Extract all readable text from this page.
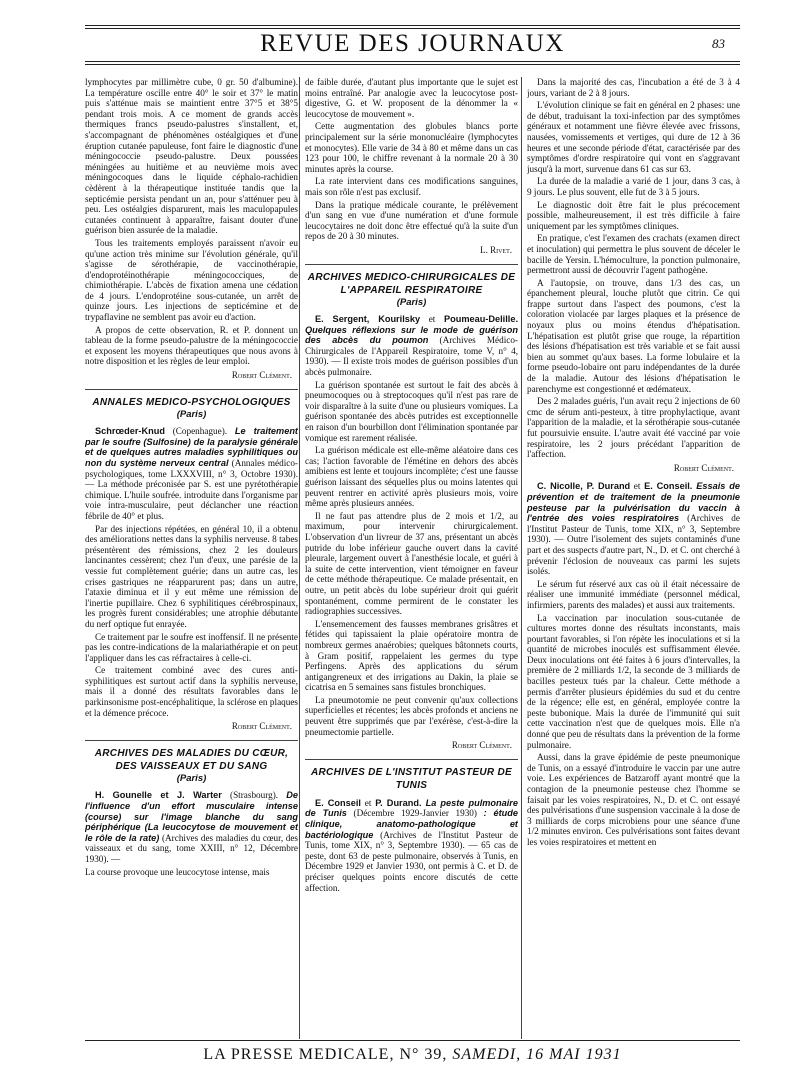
REVUE DES JOURNAUX	83

lymphocytes par millimètre cube, 0 gr. 50 d'albumine). La température oscille entre 40° le soir et 37° le matin puis s'atténue mais se maintient entre 37°5 et 38°5 pendant trois mois. A ce moment de grands accès thermiques francs pseudo-palustres s'installent, et, s'accompagnant de phénomènes ostéalgiques et d'une éruption cutanée papuleuse, font faire le diagnostic d'une méningococcie pseudo-palustre. Deux poussées méningées au huitième et au neuvième mois avec méningocoques dans le liquide céphalo-rachidien cèdèrent à la thérapeutique instituée tandis que la septicémie persista pendant un an, pour s'atténuer peu à peu. Les ostéalgies disparurent, mais les maculopapules cutanées continuent à apparaître, faisant douter d'une guérison bien assurée de la maladie.

Tous les traitements employés paraissent n'avoir eu qu'une action très minime sur l'évolution générale, qu'il s'agisse de sérothérapie, de vaccinothérapie, d'endoprotéinothérapie méningococciques, de chimiothérapie. L'abcès de fixation amena une cédation de 4 jours. L'endoprotéine sous-cutanée, un arrêt de quinze jours. Les injections de septicémine et de trypaflavine ne semblent pas avoir eu d'action.

A propos de cette observation, R. et P. donnent un tableau de la forme pseudo-palustre de la méningococcie et exposent les moyens thérapeutiques que nous avons à notre disposition et les règles de leur emploi.

Robert Clément.
ANNALES MEDICO-PSYCHOLOGIQUES
(Paris)

Schrœder-Knud (Copenhague). Le traitement par le soufre (Sulfosine) de la paralysie générale et de quelques autres maladies syphilitiques ou non du système nerveux central (Annales médico-psychologiques, tome LXXXVIII, n° 3, Octobre 1930). — La méthode préconisée par S. est une pyrétothérapie chimique. L'huile soufrée. introduite dans l'organisme par voie intra-musculaire, peut déclancher une réaction fébrile de 40° et plus.

Par des injections répétées, en général 10, il a obtenu des améliorations nettes dans la syphilis nerveuse. 8 tabes présentèrent des rémissions, chez 2 les douleurs lancinantes cessèrent; chez l'un d'eux, une parésie de la vessie fut complètement guérie; dans un autre cas, les crises gastriques ne réapparurent pas; dans un autre, l'ataxie diminua et il y eut même une rémission de l'inertie pupillaire. Chez 6 syphilitiques cérébrospinaux, les progrès furent considérables; une atrophie débutante du nerf optique fut enrayée.

Ce traitement par le soufre est inoffensif. Il ne présente pas les contre-indications de la malariathérapie et on peut l'appliquer dans les cas réfractaires à celle-ci.

Ce traitement combiné avec des cures anti-syphilitiques est surtout actif dans la syphilis nerveuse, mais il a donné des résultats favorables dans le parkinsonisme post-encéphalitique, la sclérose en plaques et la démence précoce.

Robert Clément.
ARCHIVES DES MALADIES DU CŒUR, DES VAISSEAUX ET DU SANG
(Paris)

H. Gounelle et J. Warter (Strasbourg). De l'influence d'un effort musculaire intense (course) sur l'image blanche du sang périphérique (La leucocytose de mouvement et le rôle de la rate) (Archives des maladies du cœur, des vaisseaux et du sang, tome XXIII, n° 12, Décembre 1930). —

La course provoque une leucocytose intense, mais

de faible durée, d'autant plus importante que le sujet est moins entraîné. Par analogie avec la leucocytose post-digestive, G. et W. proposent de la dénommer la « leucocytose de mouvement ».

Cette augmentation des globules blancs porte principalement sur la série mononucléaire (lymphocytes et monocytes). Elle varie de 34 à 80 et même dans un cas 123 pour 100, le chiffre revenant à la normale 20 à 30 minutes après la course.

La rate intervient dans ces modifications sanguines, mais son rôle n'est pas exclusif.

Dans la pratique médicale courante, le prélèvement d'un sang en vue d'une numération et d'une formule leucocytaires ne doit donc être effectué qu'à la suite d'un repos de 20 à 30 minutes.

L. Rivet.
ARCHIVES MEDICO-CHIRURGICALES DE L'APPAREIL RESPIRATOIRE
(Paris)

E. Sergent, Kourilsky et Poumeau-Delille. Quelques réflexions sur le mode de guérison des abcès du poumon (Archives Médico-Chirurgicales de l'Appareil Respiratoire, tome V, n° 4, 1930). — Il existe trois modes de guérison possibles d'un abcès pulmonaire.

La guérison spontanée est surtout le fait des abcès à pneumocoques ou à streptocoques qu'il n'est pas rare de voir disparaître à la suite d'une ou plusieurs vomiques. La guérison spontanée des abcès putrides est exceptionnelle en raison d'un bourbillon dont l'élimination spontanée par vomique est rarement réalisée.

La guérison médicale est elle-même aléatoire dans ces cas; l'action favorable de l'émétine en dehors des abcès amibiens est lente et toujours incomplète; c'est une fausse guérison laissant des séquelles plus ou moins latentes qui peuvent rentrer en activité après plusieurs mois, voire même après plusieurs années.

Il ne faut pas attendre plus de 2 mois et 1/2, au maximum, pour intervenir chirurgicalement. L'observation d'un livreur de 37 ans, présentant un abcès putride du lobe inférieur gauche ouvert dans la cavité pleurale, largement ouvert à l'anesthésie locale, et guéri à la suite de cette intervention, vient témoigner en faveur de cette méthode thérapeutique. Ce malade présentait, en outre, un petit abcès du lobe supérieur droit qui guérit spontanément, comme permirent de le constater les radiographies successives.

L'ensemencement des fausses membranes grisâtres et fétides qui tapissaient la plaie opératoire montra de nombreux germes anaérobies; quelques bâtonnets courts, à Gram positif, rappelaient les germes du type Perfingens. Après des applications du sérum antigangreneux et des irrigations au Dakin, la plaie se cicatrisa en 5 semaines sans fistules bronchiques.

La pneumotomie ne peut convenir qu'aux collections superficielles et récentes; les abcès profonds et anciens ne peuvent être supprimés que par l'exérèse, c'est-à-dire la pneumectomie partielle.

Robert Clément.
ARCHIVES DE L'INSTITUT PASTEUR DE TUNIS

E. Conseil et P. Durand. La peste pulmonaire de Tunis (Décembre 1929-Janvier 1930) : étude clinique, anatomo-pathologique et bactériologique (Archives de l'Institut Pasteur de Tunis, tome XIX, n° 3, Septembre 1930). — 65 cas de peste, dont 63 de peste pulmonaire, observés à Tunis, en Décembre 1929 et Janvier 1930, ont permis à C. et D. de préciser quelques points encore discutés de cette affection.

Dans la majorité des cas, l'incubation a été de 3 à 4 jours, variant de 2 à 8 jours.

L'évolution clinique se fait en général en 2 phases: une de début, traduisant la toxi-infection par des symptômes généraux et notamment une fièvre élevée avec frissons, nausées, vomissements et vertiges, qui dure de 12 à 36 heures et une seconde période d'état, caractérisée par des symptômes d'ordre respiratoire qui vont en s'aggravant jusqu'à la mort, survenue dans 61 cas sur 63.

La durée de la maladie a varié de 1 jour, dans 3 cas, à 9 jours. Le plus souvent, elle fut de 3 à 5 jours.

Le diagnostic doit être fait le plus précocement possible, malheureusement, il est très difficile à faire uniquement par les symptômes cliniques.

En pratique, c'est l'examen des crachats (examen direct et inoculation) qui permettra le plus souvent de déceler le bacille de Yersin. L'hémoculture, la ponction pulmonaire, permettront aussi de découvrir l'agent pathogène.

A l'autopsie, on trouve, dans 1/3 des cas, un épanchement pleural, louche plutôt que citrin. Ce qui frappe surtout dans l'aspect des poumons, c'est la coloration violacée par larges plaques et la présence de noyaux plus ou moins étendus d'hépatisation. L'hépatisation est plutôt grise que rouge, la répartition des lésions d'hépatisation est très variable et se fait aussi bien au sommet qu'aux bases. La forme lobulaire et la forme pseudo-lobaire ont paru indépendantes de la durée de la maladie. Autour des lésions d'hépatisation le parenchyme est congestionné et œdémateux.

Des 2 malades guéris, l'un avait reçu 2 injections de 60 cmc de sérum anti-pesteux, à titre prophylactique, avant l'apparition de la maladie, et la sérothérapie sous-cutanée fut poursuivie ensuite. L'autre avait été vacciné par voie respiratoire, les 2 jours précédant l'apparition de l'affection.

Robert Clément.

C. Nicolle, P. Durand et E. Conseil. Essais de prévention et de traitement de la pneumonie pesteuse par la pulvérisation du vaccin à l'entrée des voies respiratoires (Archives de l'Institut Pasteur de Tunis, tome XIX, n° 3, Septembre 1930). — Outre l'isolement des sujets contaminés d'une part et des suspects d'autre part, N., D. et C. ont cherché à prévenir l'éclosion de nouveaux cas parmi les sujets isolés.

Le sérum fut réservé aux cas où il était nécessaire de réaliser une immunité immédiate (personnel médical, infirmiers, parents des malades) et aussi aux traitements.

La vaccination par inoculation sous-cutanée de cultures mortes donne des résultats inconstants, mais pourtant favorables, si l'on répète les inoculations et si la quantité de microbes inoculés est suffisamment élevée. Deux inoculations ont été faites à 6 jours d'intervalles, la première de 2 milliards 1/2, la seconde de 3 milliards de bacilles pesteux tués par la chaleur. Cette méthode a permis d'arrêter plusieurs épidémies du sud et du centre de la régence; elle est, en général, employée contre la peste bubonique. Mais la durée de l'immunité qui suit cette vaccination n'est que de quelques mois. Elle n'a donné que peu de résultats dans la prévention de la forme pulmonaire.

Aussi, dans la grave épidémie de peste pneumonique de Tunis, on a essayé d'introduire le vaccin par une autre voie. Les expériences de Batzaroff ayant montré que la contagion de la pneumonie pesteuse chez l'homme se faisait par les voies respiratoires, N., D. et C. ont essayé des pulvérisations d'une suspension vaccinale à la dose de 3 milliards de corps microbiens pour une séance d'une 1/2 minutes environ. Ces pulvérisations sont faites devant les voies respiratoires et mettent en

LA PRESSE MEDICALE, N° 39, SAMEDI, 16 MAI 1931
